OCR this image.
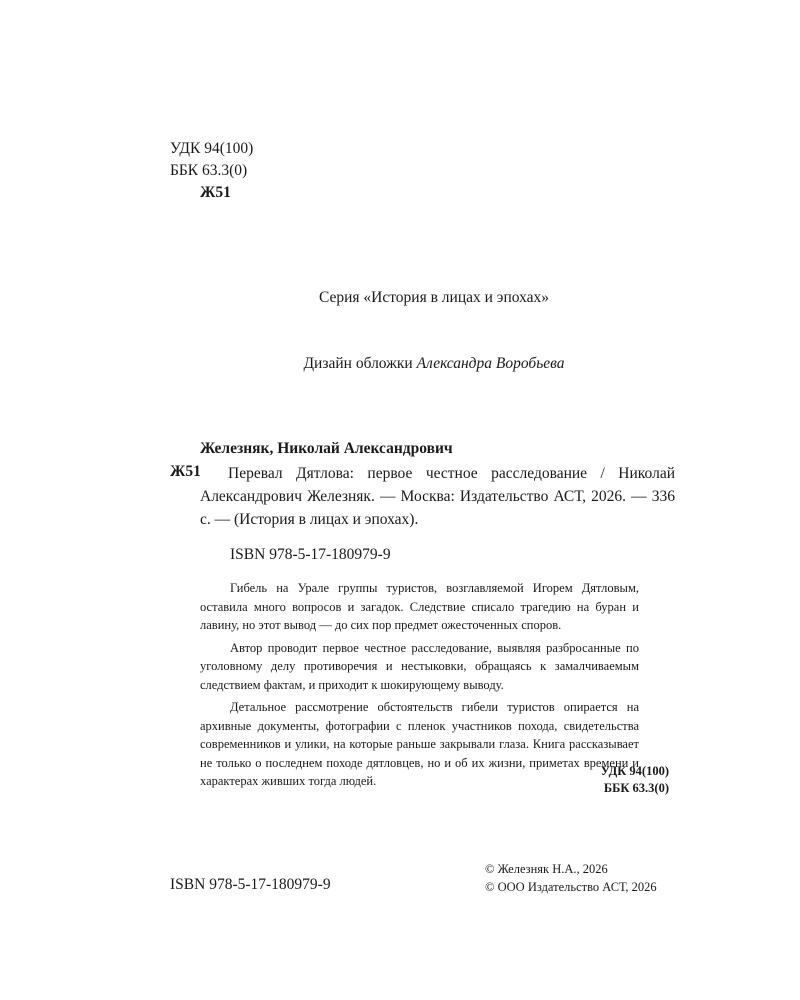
УДК 94(100)
ББК 63.3(0)
Ж51
Серия «История в лицах и эпохах»
Дизайн обложки Александра Воробьева
Железняк, Николай Александрович
Ж51	Перевал Дятлова: первое честное расследование / Николай Александрович Железняк. — Москва: Издательство АСТ, 2026. — 336 с. — (История в лицах и эпохах).
ISBN 978-5-17-180979-9

Гибель на Урале группы туристов, возглавляемой Игорем Дятловым, оставила много вопросов и загадок. Следствие списало трагедию на буран и лавину, но этот вывод — до сих пор предмет ожесточенных споров.

Автор проводит первое честное расследование, выявляя разбросанные по уголовному делу противоречия и нестыковки, обращаясь к замалчиваемым следствием фактам, и приходит к шокирующему выводу.

Детальное рассмотрение обстоятельств гибели туристов опирается на архивные документы, фотографии с пленок участников похода, свидетельства современников и улики, на которые раньше закрывали глаза. Книга рассказывает не только о последнем походе дятловцев, но и об их жизни, приметах времени и характерах живших тогда людей.

УДК 94(100)
ББК 63.3(0)
ISBN 978-5-17-180979-9
© Железняк Н.А., 2026
© ООО Издательство АСТ, 2026
